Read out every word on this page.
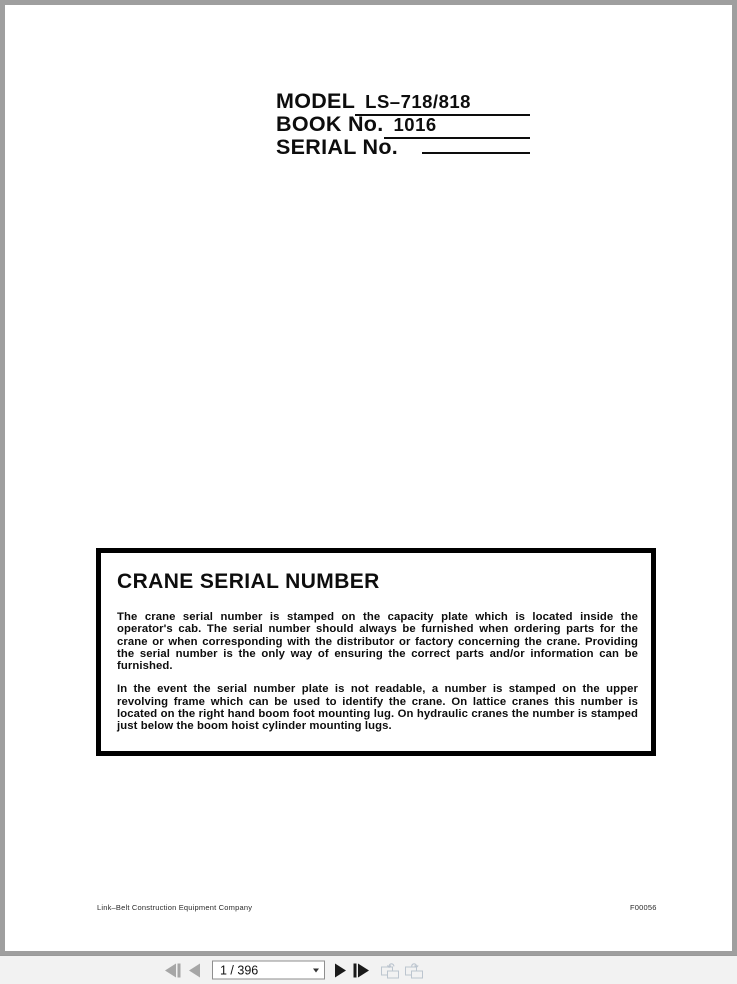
MODEL LS–718/818
BOOK No. 1016
SERIAL No.
CRANE SERIAL NUMBER

The crane serial number is stamped on the capacity plate which is located inside the operator's cab. The serial number should always be furnished when ordering parts for the crane or when corresponding with the distributor or factory concerning the crane. Providing the serial number is the only way of ensuring the correct parts and/or information can be furnished.

In the event the serial number plate is not readable, a number is stamped on the upper revolving frame which can be used to identify the crane. On lattice cranes this number is located on the right hand boom foot mounting lug. On hydraulic cranes the number is stamped just below the boom hoist cylinder mounting lugs.

Link–Belt Construction Equipment Company	F00056
1 / 396	↶ ↷
